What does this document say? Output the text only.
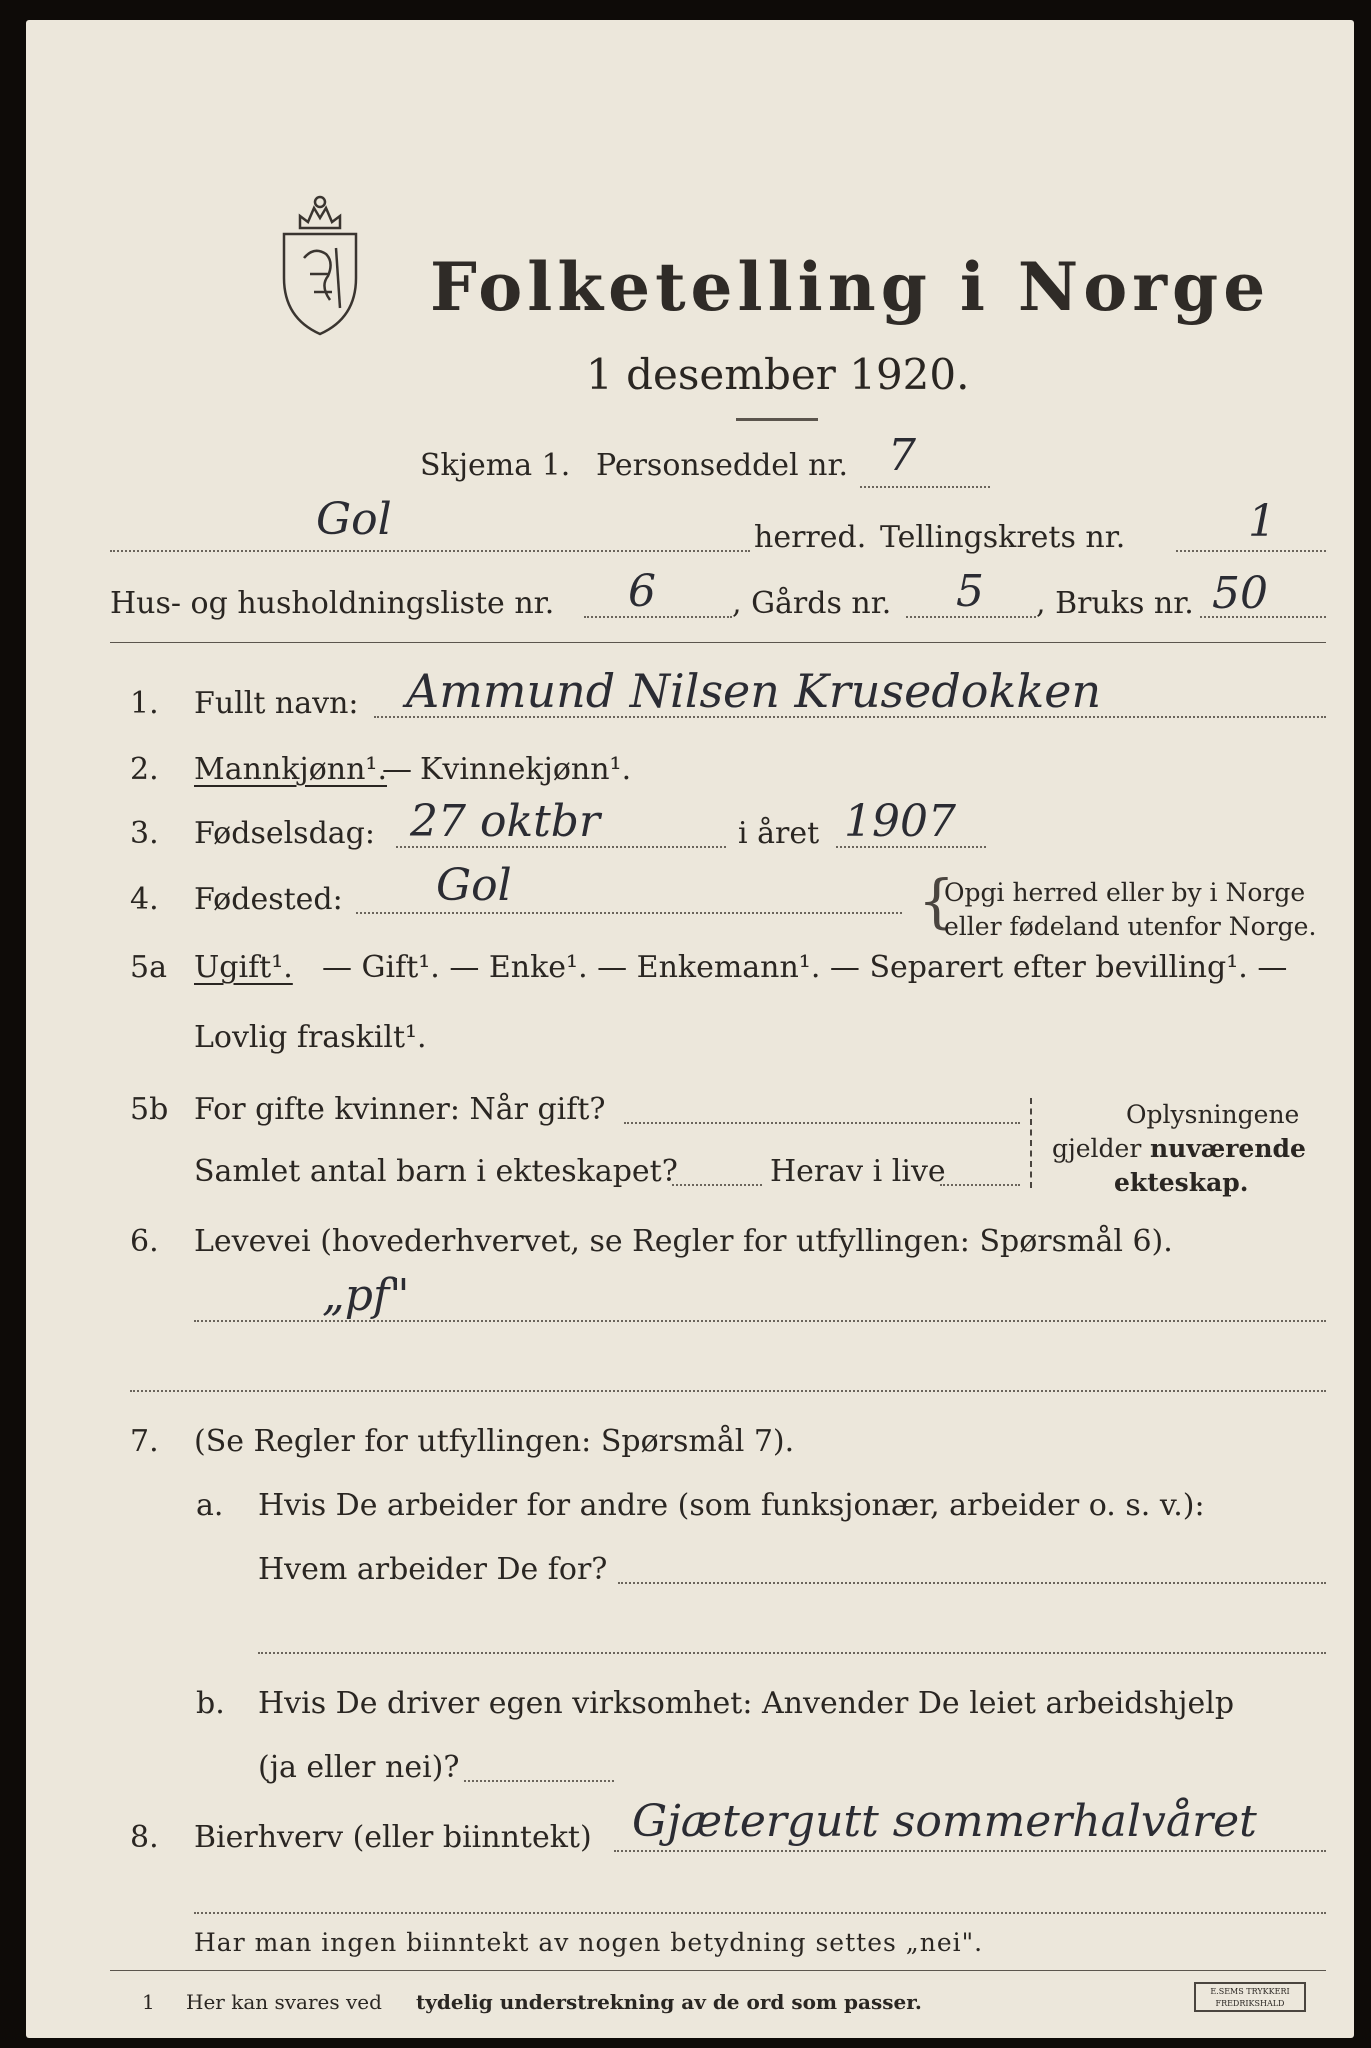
Folketelling i Norge
1 desember 1920.
Skjema 1. Personseddel nr. 7
Gol	herred. Tellingskrets nr.	1
Hus- og husholdningsliste nr. 6	, Gårds nr. 5 , Bruks nr. 50
1. Fullt navn: Ammund Nilsen Krusedokken
2. Mannkjønn¹.
— Kvinnekjønn¹.
3. Fødselsdag: 27 oktbr	i året 1907
4. Fødested: Gol	{
Opgi herred eller by i Norge
eller fødeland utenfor Norge.
5a Ugift¹. — Gift¹. — Enke¹. — Enkemann¹. — Separert efter bevilling¹. —
Lovlig fraskilt¹.
5b For gifte kvinner: Når gift?
Samlet antal barn i ekteskapet?	Herav i live
Oplysningene
gjelder nuværende
ekteskap.
6. Levevei (hovederhvervet, se Regler for utfyllingen: Spørsmål 6).
„pf"
7. (Se Regler for utfyllingen: Spørsmål 7).
a. Hvis De arbeider for andre (som funksjonær, arbeider o. s. v.):
Hvem arbeider De for?
b. Hvis De driver egen virksomhet: Anvender De leiet arbeidshjelp
(ja eller nei)?
8. Bierhverv (eller biinntekt) Gjætergutt sommerhalvåret
Har man ingen biinntekt av nogen betydning settes „nei".
1 Her kan svares ved tydelig understrekning av de ord som passer.	E.SEMS TRYKKERI FREDRIKSHALD
